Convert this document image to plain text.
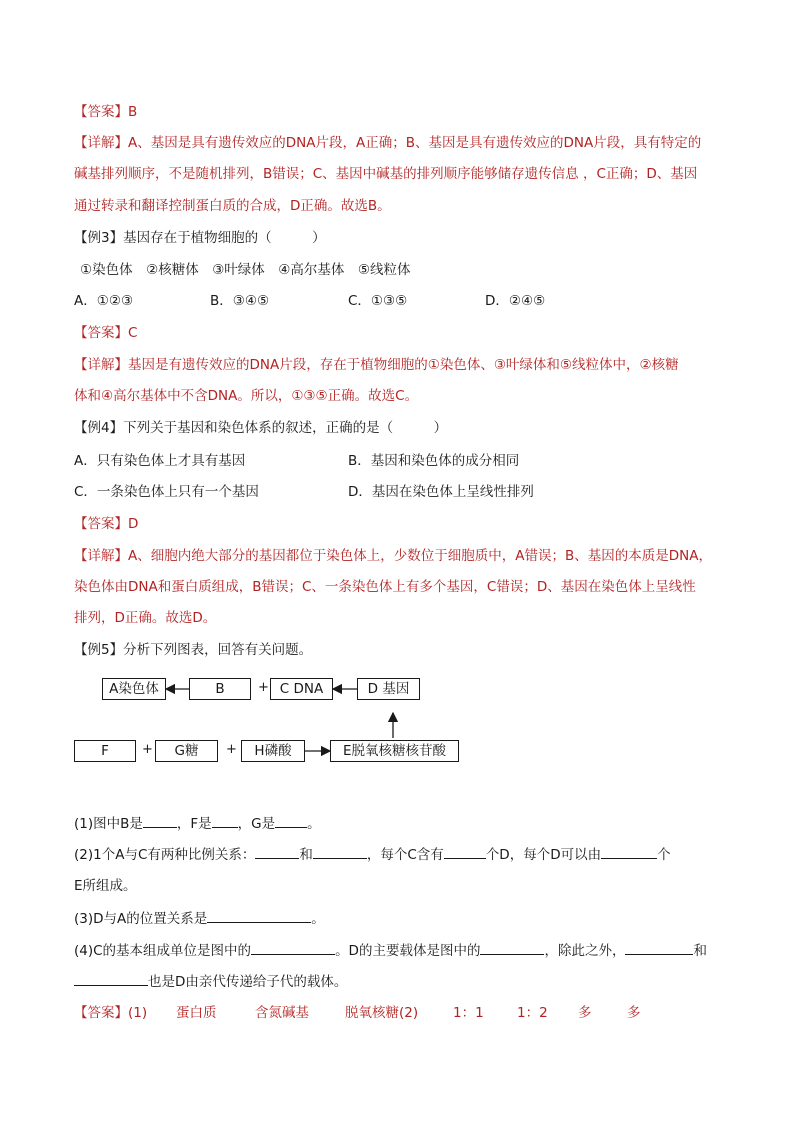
【答案】B
【详解】A、基因是具有遗传效应的DNA片段，A正确；B、基因是具有遗传效应的DNA片段，具有特定的
碱基排列顺序，不是随机排列，B错误；C、基因中碱基的排列顺序能够储存遗传信息 ，C正确；D、基因
通过转录和翻译控制蛋白质的合成，D正确。故选B。
【例3】基因存在于植物细胞的（　　　）
①染色体　②核糖体　③叶绿体　④高尔基体　⑤线粒体
A．①②③	B．③④⑤	C．①③⑤	D．②④⑤
【答案】C
【详解】基因是有遗传效应的DNA片段，存在于植物细胞的①染色体、③叶绿体和⑤线粒体中，②核糖
体和④高尔基体中不含DNA。所以，①③⑤正确。故选C。
【例4】下列关于基因和染色体系的叙述，正确的是（　　　）
A．只有染色体上才具有基因	B．基因和染色体的成分相同
C．一条染色体上只有一个基因	D．基因在染色体上呈线性排列
【答案】D
【详解】A、细胞内绝大部分的基因都位于染色体上，少数位于细胞质中，A错误；B、基因的本质是DNA，
染色体由DNA和蛋白质组成，B错误；C、一条染色体上有多个基因，C错误；D、基因在染色体上呈线性
排列，D正确。故选D。
【例5】分析下列图表，回答有关问题。
A染色体	B	+ C DNA	D 基因
F	+	G糖	+	H磷酸	E脱氧核糖核苷酸
(1)图中B是	，F是 ，G是 。
(2)1个A与C有两种比例关系：	和	，每个C含有	个D，每个D可以由	个
E所组成。
(3)D与A的位置关系是	。
(4)C的基本组成单位是图中的	。D的主要载体是图中的	，除此之外，	和
也是D由亲代传递给子代的载体。
【答案】 (1) 蛋白质	含氮碱基	脱氧核糖(2)	1：1 1：2 多	多
